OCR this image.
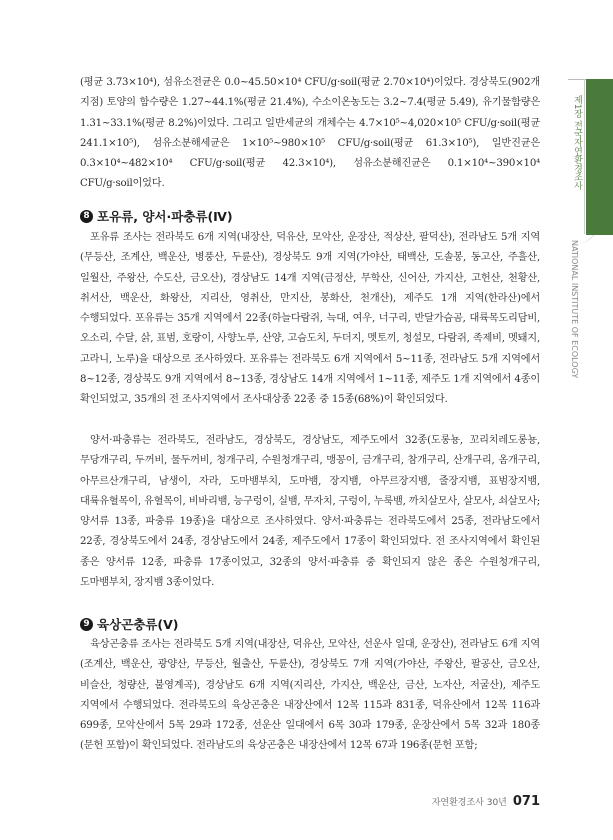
(평균 3.73×10⁴), 섬유소전균은 0.0~45.50×10⁴ CFU/g·soil(평균 2.70×10⁴)이었다. 경상북도(902개 지점) 토양의 함수량은 1.27~44.1%(평균 21.4%), 수소이온농도는 3.2~7.4(평균 5.49), 유기물함량은 1.31~33.1%(평균 8.2%)이었다. 그리고 일반세균의 개체수는 4.7×10⁵~4,020×10⁵ CFU/g·soil(평균 241.1×10⁵), 섬유소분해세균은 1×10⁵~980×10⁵ CFU/g·soil(평균 61.3×10⁵), 일반진균은 0.3×10⁴~482×10⁴ CFU/g·soil(평균 42.3×10⁴), 섬유소분해진균은 0.1×10⁴~390×10⁴ CFU/g·soil이었다.

8 포유류, 양서·파충류(Ⅳ)

포유류 조사는 전라북도 6개 지역(내장산, 덕유산, 모악산, 운장산, 적상산, 팔덕산), 전라남도 5개 지역(무등산, 조계산, 백운산, 병풍산, 두륜산), 경상북도 9개 지역(가야산, 태백산, 도솔봉, 동고산, 주흘산, 일월산, 주왕산, 수도산, 금오산), 경상남도 14개 지역(금정산, 무학산, 신어산, 가지산, 고헌산, 천황산, 취서산, 백운산, 화왕산, 지리산, 영취산, 만지산, 봉화산, 천개산), 제주도 1개 지역(한라산)에서 수행되었다. 포유류는 35개 지역에서 22종(하늘다람쥐, 늑대, 여우, 너구리, 반달가슴곰, 대륙목도리담비, 오소리, 수달, 삵, 표범, 호랑이, 사향노루, 산양, 고슴도치, 두더지, 멧토끼, 청설모, 다람쥐, 족제비, 멧돼지, 고라니, 노루)을 대상으로 조사하였다. 포유류는 전라북도 6개 지역에서 5~11종, 전라남도 5개 지역에서 8~12종, 경상북도 9개 지역에서 8~13종, 경상남도 14개 지역에서 1~11종, 제주도 1개 지역에서 4종이 확인되었고, 35개의 전 조사지역에서 조사대상종 22종 중 15종(68%)이 확인되었다.

양서·파충류는 전라북도, 전라남도, 경상북도, 경상남도, 제주도에서 32종(도롱뇽, 꼬리치레도롱뇽, 무당개구리, 두꺼비, 물두꺼비, 청개구리, 수원청개구리, 맹꽁이, 금개구리, 참개구리, 산개구리, 옴개구리, 아무르산개구리, 남생이, 자라, 도마뱀부치, 도마뱀, 장지뱀, 아무르장지뱀, 줄장지뱀, 표범장지뱀, 대륙유혈목이, 유혈목이, 비바리뱀, 능구렁이, 실뱀, 무자치, 구렁이, 누룩뱀, 까치살모사, 살모사, 쇠살모사; 양서류 13종, 파충류 19종)을 대상으로 조사하였다. 양서·파충류는 전라북도에서 25종, 전라남도에서 22종, 경상북도에서 24종, 경상남도에서 24종, 제주도에서 17종이 확인되었다. 전 조사지역에서 확인된 종은 양서류 12종, 파충류 17종이었고, 32종의 양서·파충류 중 확인되지 않은 종은 수원청개구리, 도마뱀부치, 장지뱀 3종이었다.

9 육상곤충류(Ⅴ)

육상곤충류 조사는 전라북도 5개 지역(내장산, 덕유산, 모악산, 선운사 일대, 운장산), 전라남도 6개 지역(조계산, 백운산, 광양산, 무등산, 월출산, 두륜산), 경상북도 7개 지역(가야산, 주왕산, 팔공산, 금오산, 비슬산, 청량산, 불영계곡), 경상남도 6개 지역(지리산, 가지산, 백운산, 금산, 노자산, 저굴산), 제주도 지역에서 수행되었다. 전라북도의 육상곤충은 내장산에서 12목 115과 831종, 덕유산에서 12목 116과 699종, 모악산에서 5목 29과 172종, 선운산 일대에서 6목 30과 179종, 운장산에서 5목 32과 180종(문헌 포함)이 확인되었다. 전라남도의 육상곤충은 내장산에서 12목 67과 196종(문헌 포함;

제1장 전국자연환경조사
NATIONAL INSTITUTE OF ECOLOGY
자연환경조사 30년 071
